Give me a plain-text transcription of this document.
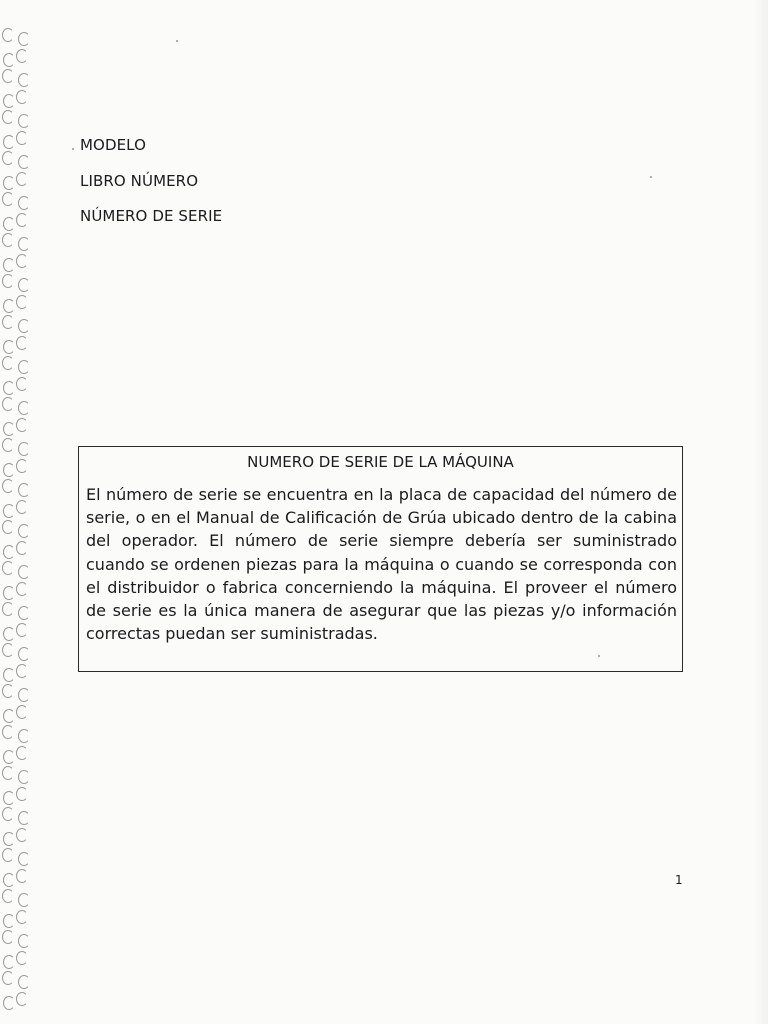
MODELO
LIBRO NÚMERO
NÚMERO DE SERIE
NUMERO DE SERIE DE LA MÁQUINA
El número de serie se encuentra en la placa de capacidad del número de serie, o en el Manual de Calificación de Grúa ubicado dentro de la cabina del operador. El número de serie siempre debería ser suministrado cuando se ordenen piezas para la máquina o cuando se corresponda con el distribuidor o fabrica concerniendo la máquina. El proveer el número de serie es la única manera de asegurar que las piezas y/o información correctas puedan ser suministradas.
1
